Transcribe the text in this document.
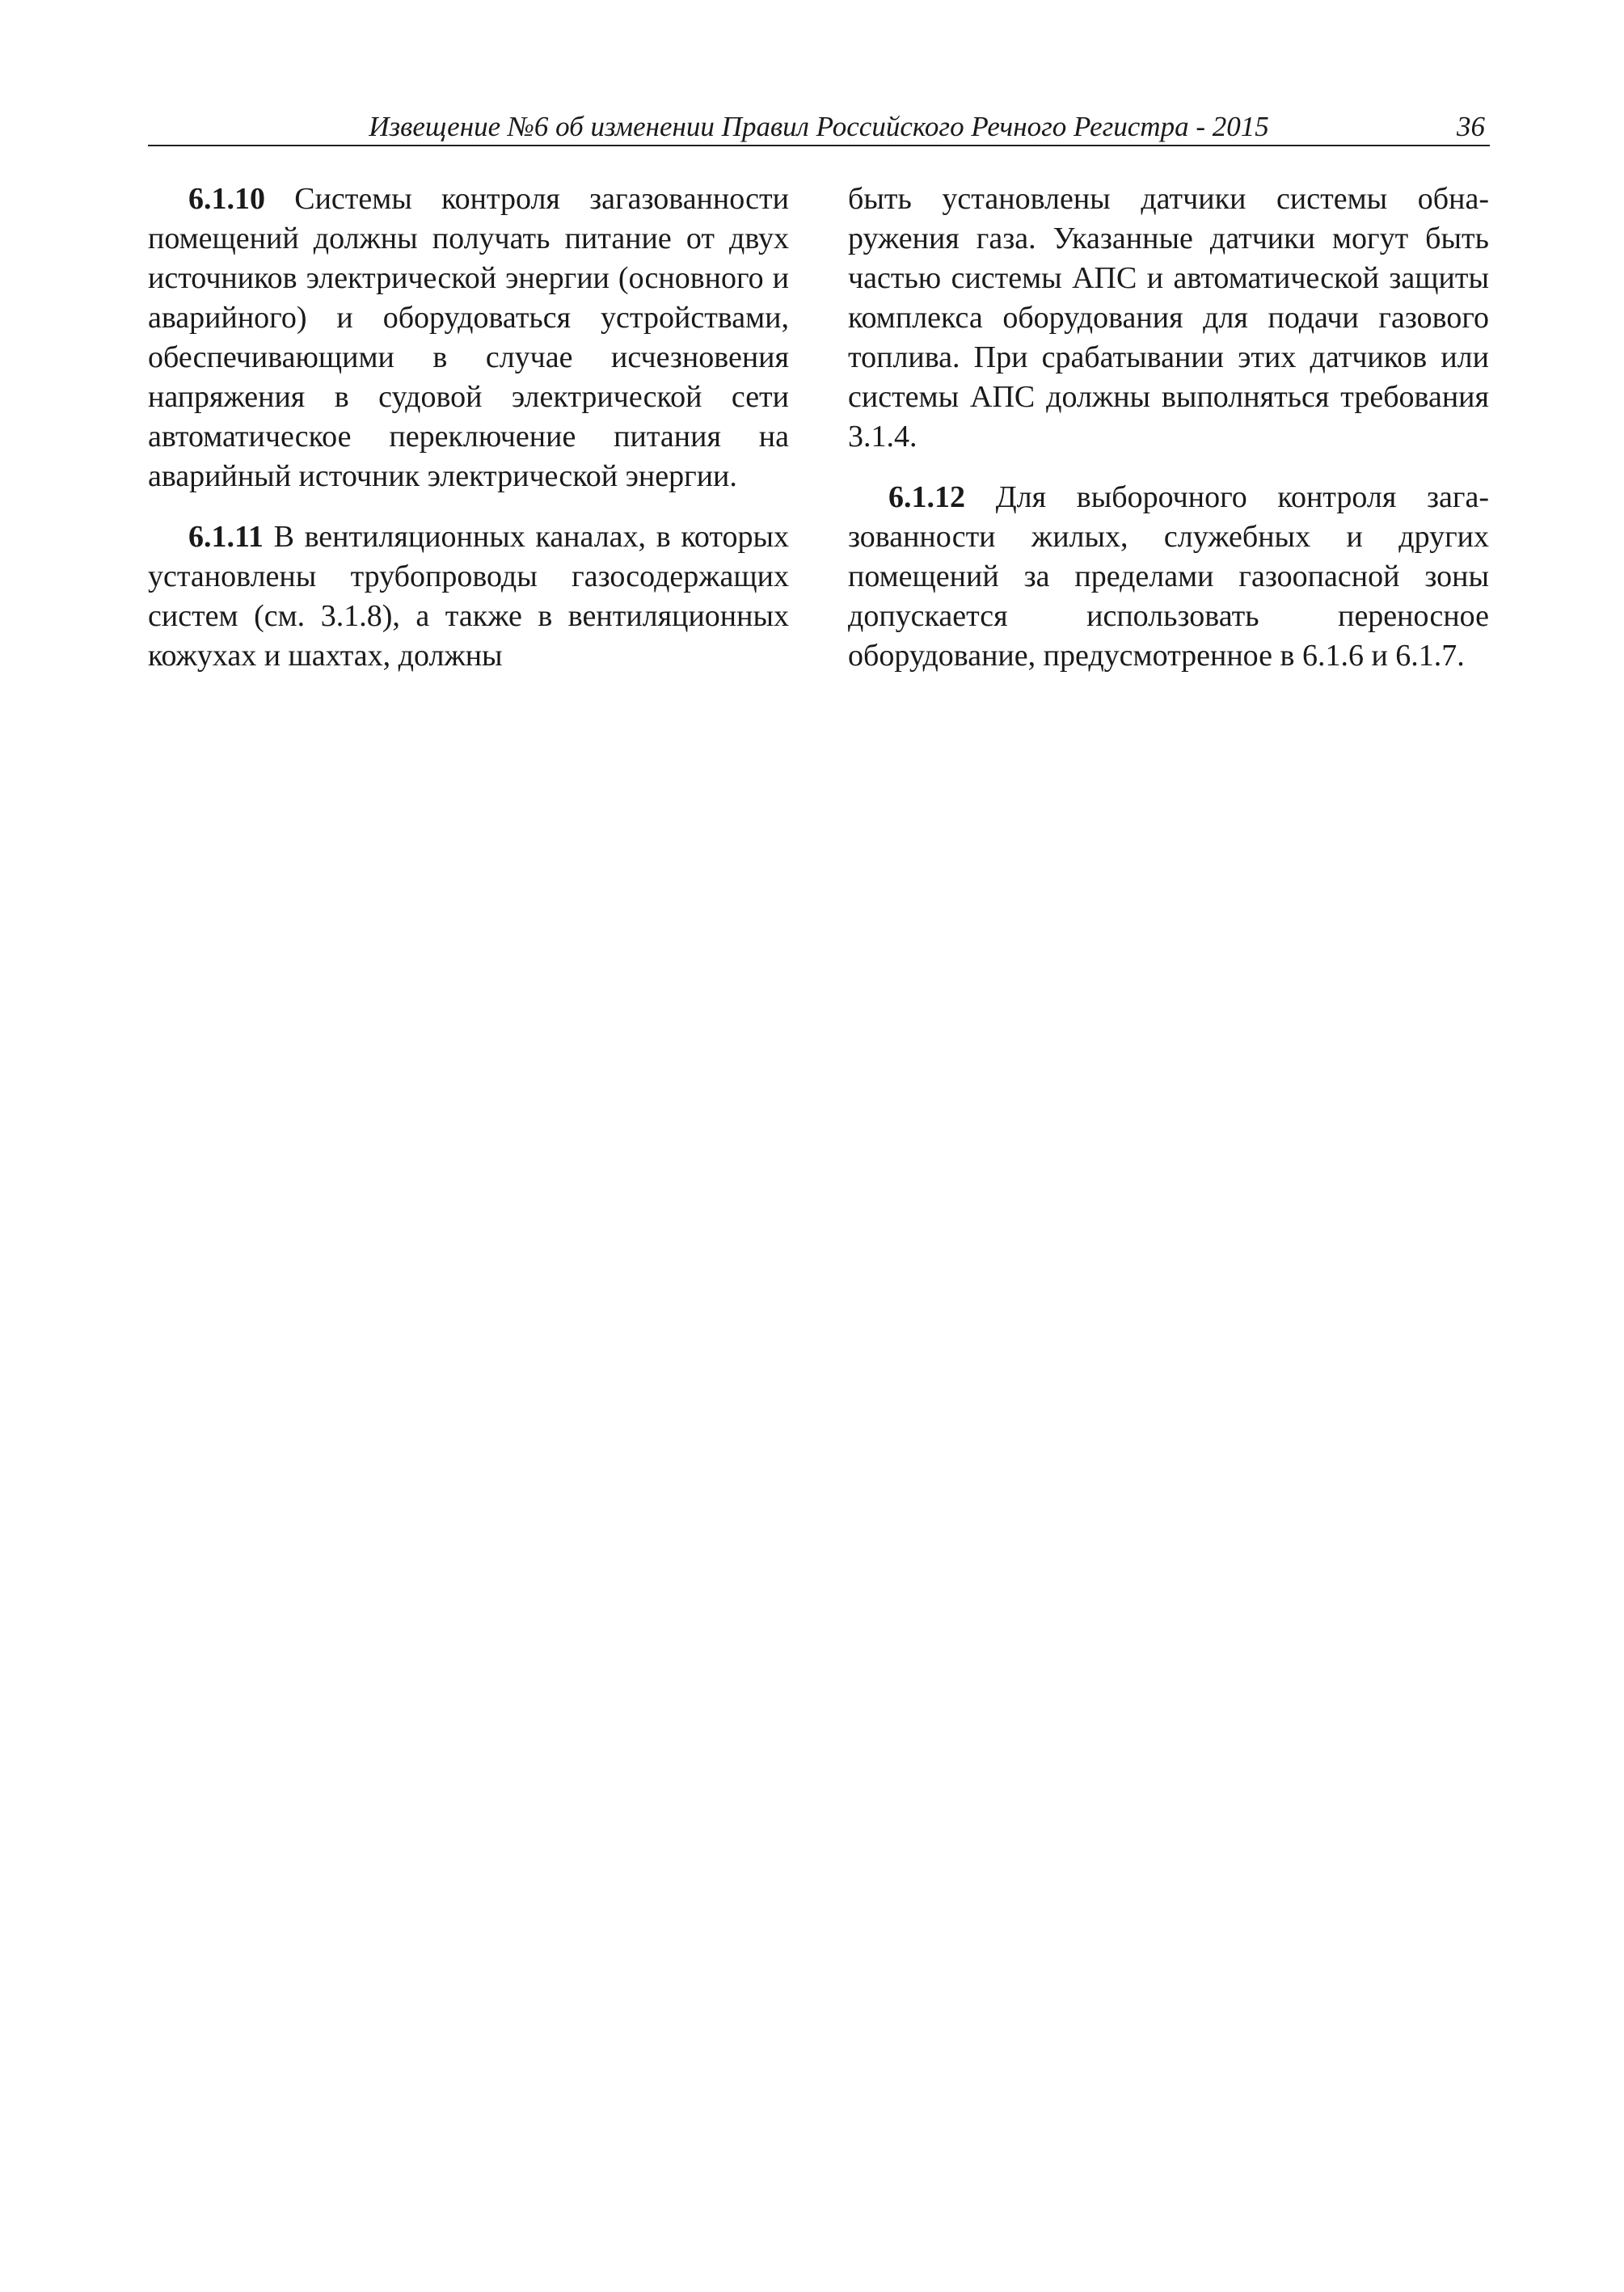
Извещение №6 об изменении Правил Российского Речного Регистра - 2015	36

6.1.10 Системы контроля загазованности помещений должны получать питание от двух источников электрической энергии (основного и аварийного) и оборудоваться устройствами, обеспечивающими в случае исчезновения напряжения в судовой электрической сети автоматическое переключение питания на аварийный источник электрической энергии.

6.1.11 В вентиляционных каналах, в которых установлены трубопроводы газосодержащих систем (см. 3.1.8), а также в вентиляционных кожухах и шахтах, должны

быть установлены датчики системы обнаружения газа. Указанные датчики могут быть частью системы АПС и автоматической защиты комплекса оборудования для подачи газового топлива. При срабатывании этих датчиков или системы АПС должны выполняться требования 3.1.4.

6.1.12 Для выборочного контроля загазованности жилых, служебных и других помещений за пределами газоопасной зоны допускается использовать переносное оборудование, предусмотренное в 6.1.6 и 6.1.7.
